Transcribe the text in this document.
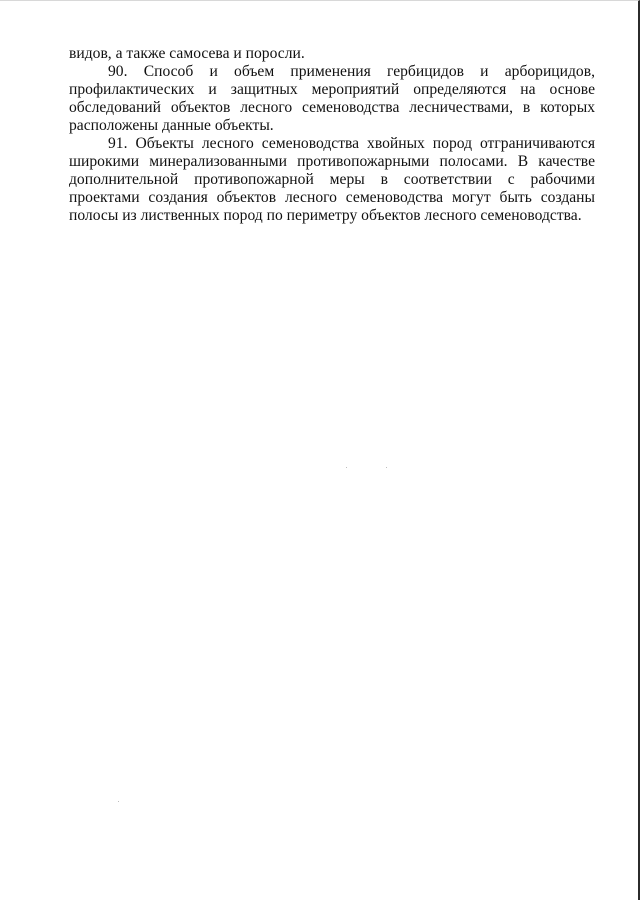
видов, а также самосева и поросли.

90. Способ и объем применения гербицидов и арборицидов, профилактических и защитных мероприятий определяются на основе обследований объектов лесного семеноводства лесничествами, в которых расположены данные объекты.

91. Объекты лесного семеноводства хвойных пород отграничиваются широкими минерализованными противопожарными полосами. В качестве дополнительной противопожарной меры в соответствии с рабочими проектами создания объектов лесного семеноводства могут быть созданы полосы из лиственных пород по периметру объектов лесного семеноводства.
